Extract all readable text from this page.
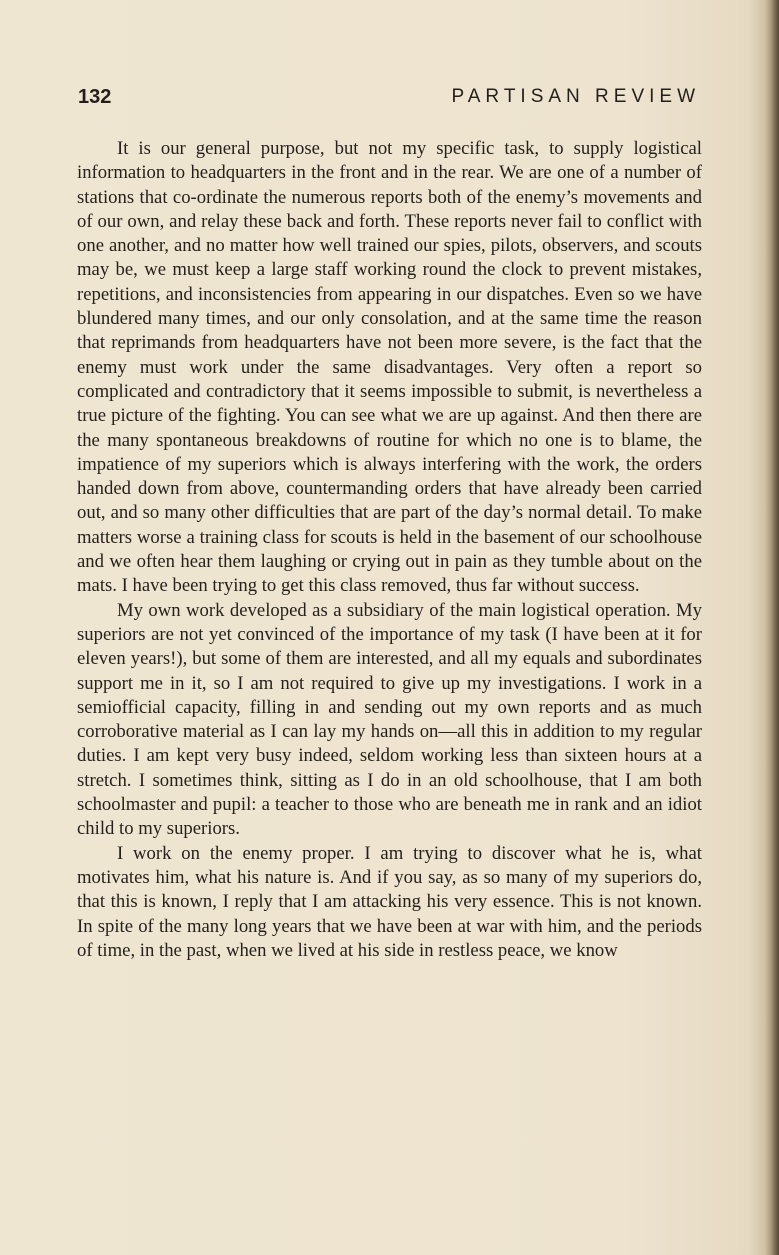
132	PARTISAN REVIEW

It is our general purpose, but not my specific task, to supply logistical information to headquarters in the front and in the rear. We are one of a number of stations that co-ordinate the numerous reports both of the enemy’s movements and of our own, and relay these back and forth. These reports never fail to conflict with one another, and no matter how well trained our spies, pilots, observers, and scouts may be, we must keep a large staff working round the clock to prevent mistakes, repetitions, and inconsistencies from appearing in our dispatches. Even so we have blundered many times, and our only consolation, and at the same time the reason that reprimands from headquarters have not been more severe, is the fact that the enemy must work under the same disadvantages. Very often a report so complicated and contradictory that it seems impossible to submit, is nevertheless a true picture of the fighting. You can see what we are up against. And then there are the many spontaneous breakdowns of routine for which no one is to blame, the impatience of my superiors which is always interfering with the work, the orders handed down from above, countermanding orders that have already been carried out, and so many other difficulties that are part of the day’s normal detail. To make matters worse a training class for scouts is held in the basement of our schoolhouse and we often hear them laughing or crying out in pain as they tumble about on the mats. I have been trying to get this class removed, thus far without success.

My own work developed as a subsidiary of the main logistical operation. My superiors are not yet convinced of the importance of my task (I have been at it for eleven years!), but some of them are interested, and all my equals and subordinates support me in it, so I am not required to give up my investigations. I work in a semiofficial capacity, filling in and sending out my own reports and as much corroborative material as I can lay my hands on—all this in addition to my regular duties. I am kept very busy indeed, seldom working less than sixteen hours at a stretch. I sometimes think, sitting as I do in an old schoolhouse, that I am both schoolmaster and pupil: a teacher to those who are beneath me in rank and an idiot child to my superiors.

I work on the enemy proper. I am trying to discover what he is, what motivates him, what his nature is. And if you say, as so many of my superiors do, that this is known, I reply that I am attacking his very essence. This is not known. In spite of the many long years that we have been at war with him, and the periods of time, in the past, when we lived at his side in restless peace, we know
